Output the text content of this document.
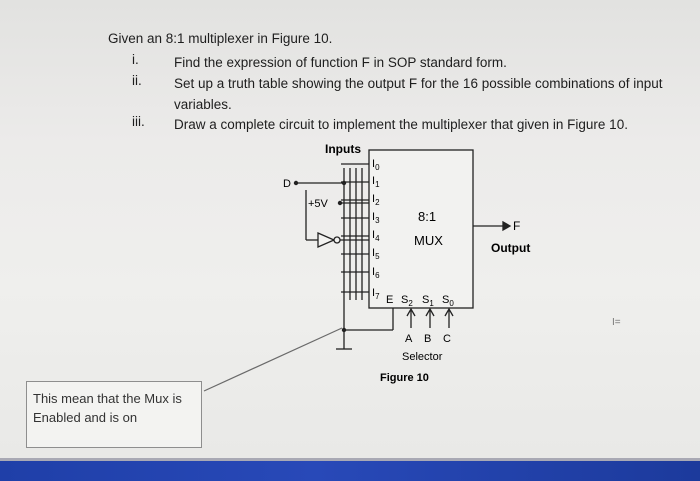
Given an 8:1 multiplexer in Figure 10.
i.	Find the expression of function F in SOP standard form.
ii. Set up a truth table showing the output F for the 16 possible combinations of input
variables.
iii. Draw a complete circuit to implement the multiplexer that given in Figure 10.
Inputs
8:1
MUX
$I_0$
$I_1$
$I_2$
$I_3$
$I_4$
$I_5$
$I_6$
$I_7$ E $S_2$ $S_1$ $S_0$
D
+5V
F
Output
A B C
Selector
Figure 10
I=
This mean that the Mux is Enabled and is on
